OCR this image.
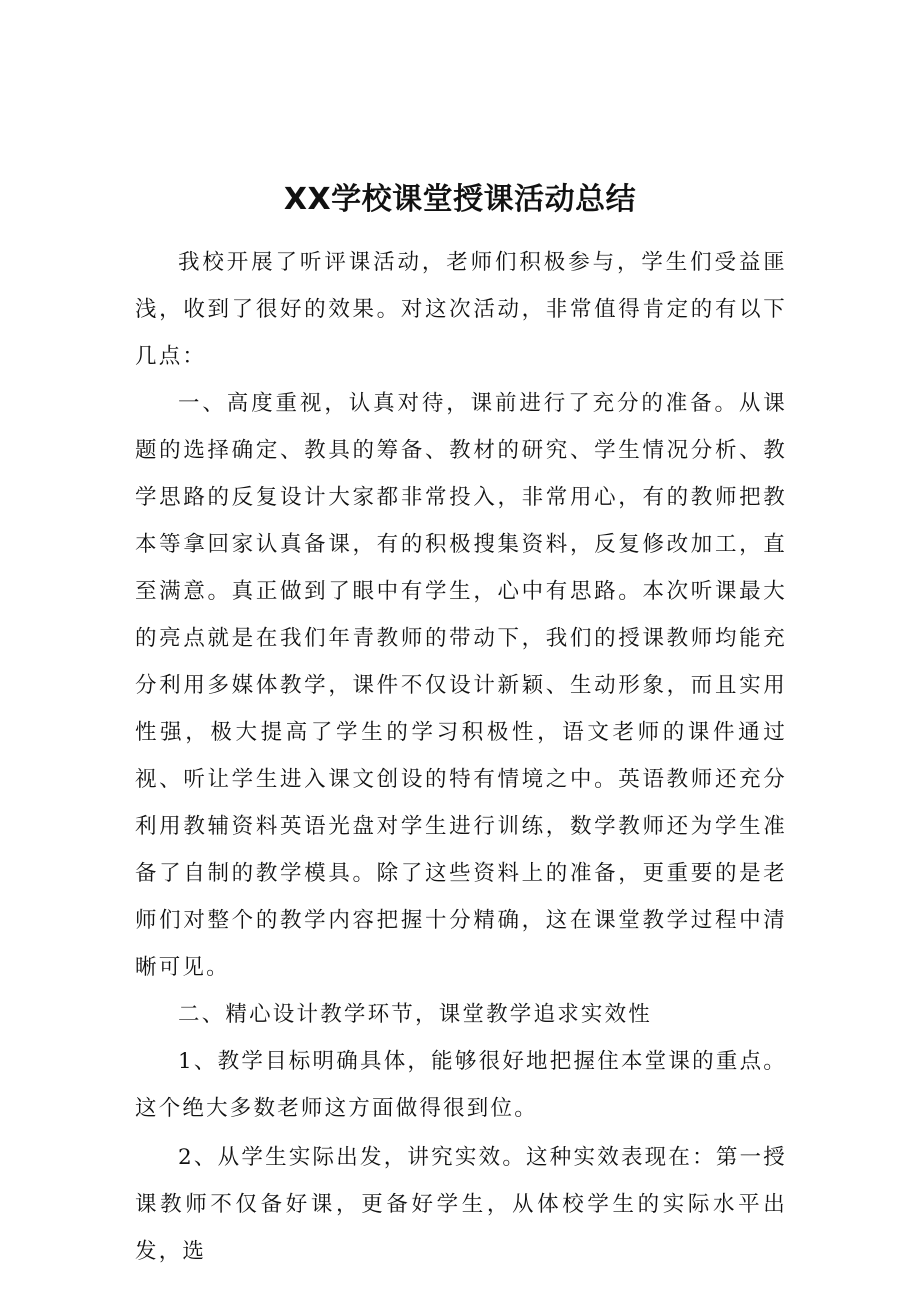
XX学校课堂授课活动总结

我校开展了听评课活动，老师们积极参与，学生们受益匪浅，收到了很好的效果。对这次活动，非常值得肯定的有以下几点：

一、高度重视，认真对待，课前进行了充分的准备。从课题的选择确定、教具的筹备、教材的研究、学生情况分析、教学思路的反复设计大家都非常投入，非常用心，有的教师把教本等拿回家认真备课，有的积极搜集资料，反复修改加工，直至满意。真正做到了眼中有学生，心中有思路。本次听课最大的亮点就是在我们年青教师的带动下，我们的授课教师均能充分利用多媒体教学，课件不仅设计新颖、生动形象，而且实用性强，极大提高了学生的学习积极性，语文老师的课件通过视、听让学生进入课文创设的特有情境之中。英语教师还充分利用教辅资料英语光盘对学生进行训练，数学教师还为学生准备了自制的教学模具。除了这些资料上的准备，更重要的是老师们对整个的教学内容把握十分精确，这在课堂教学过程中清晰可见。

二、精心设计教学环节，课堂教学追求实效性

1、教学目标明确具体，能够很好地把握住本堂课的重点。这个绝大多数老师这方面做得很到位。

2、从学生实际出发，讲究实效。这种实效表现在：第一授课教师不仅备好课，更备好学生，从体校学生的实际水平出发，选
